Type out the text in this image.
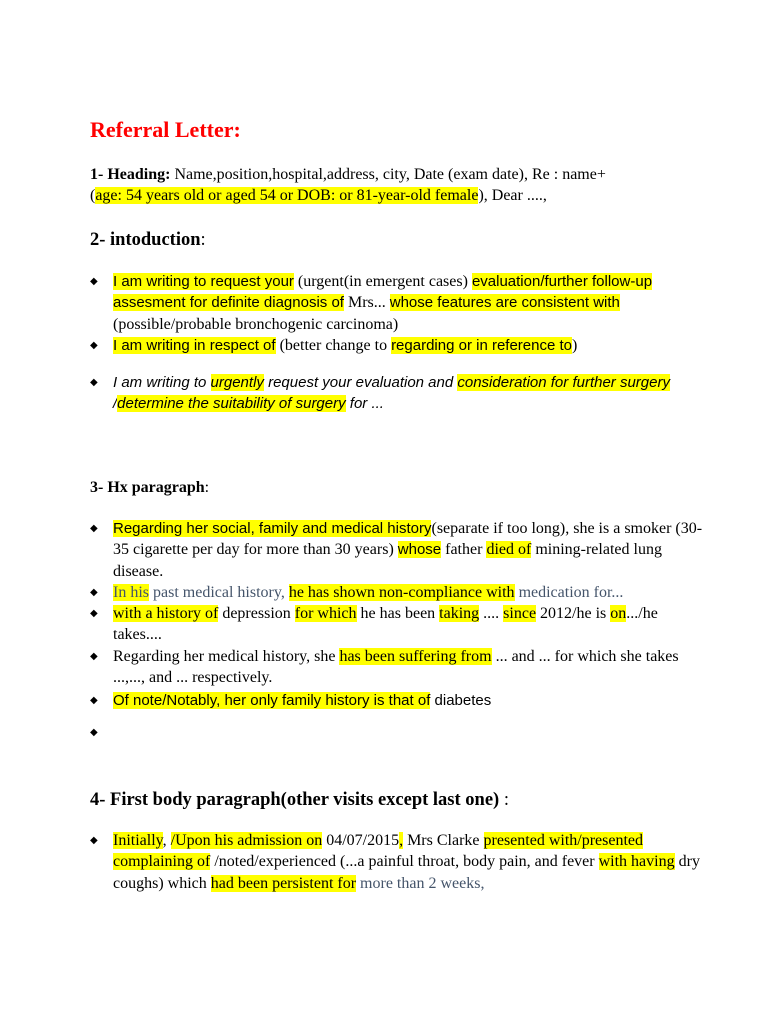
Referral Letter:
1- Heading: Name,position,hospital,address, city, Date (exam date), Re : name+
(age: 54 years old or aged 54 or DOB: or 81-year-old female), Dear ....,
2- intoduction:
◆ I am writing to request your (urgent(in emergent cases) evaluation/further follow-up assesment for definite diagnosis of Mrs... whose features are consistent with (possible/probable bronchogenic carcinoma)
◆ I am writing in respect of (better change to regarding or in reference to)
◆ I am writing to urgently request your evaluation and consideration for further surgery /determine the suitability of surgery for ...
3- Hx paragraph:
◆ Regarding her social, family and medical history(separate if too long), she is a smoker (30-35 cigarette per day for more than 30 years) whose father died of mining-related lung disease.
◆ In his past medical history, he has shown non-compliance with medication for...
◆ with a history of depression for which he has been taking .... since 2012/he is on.../he takes....
◆ Regarding her medical history, she has been suffering from ... and ... for which she takes ...,..., and ... respectively.
◆ Of note/Notably, her only family history is that of diabetes
◆

4- First body paragraph(other visits except last one) :
◆ Initially, /Upon his admission on 04/07/2015, Mrs Clarke presented with/presented complaining of /noted/experienced (...a painful throat, body pain, and fever with having dry coughs) which had been persistent for more than 2 weeks,
